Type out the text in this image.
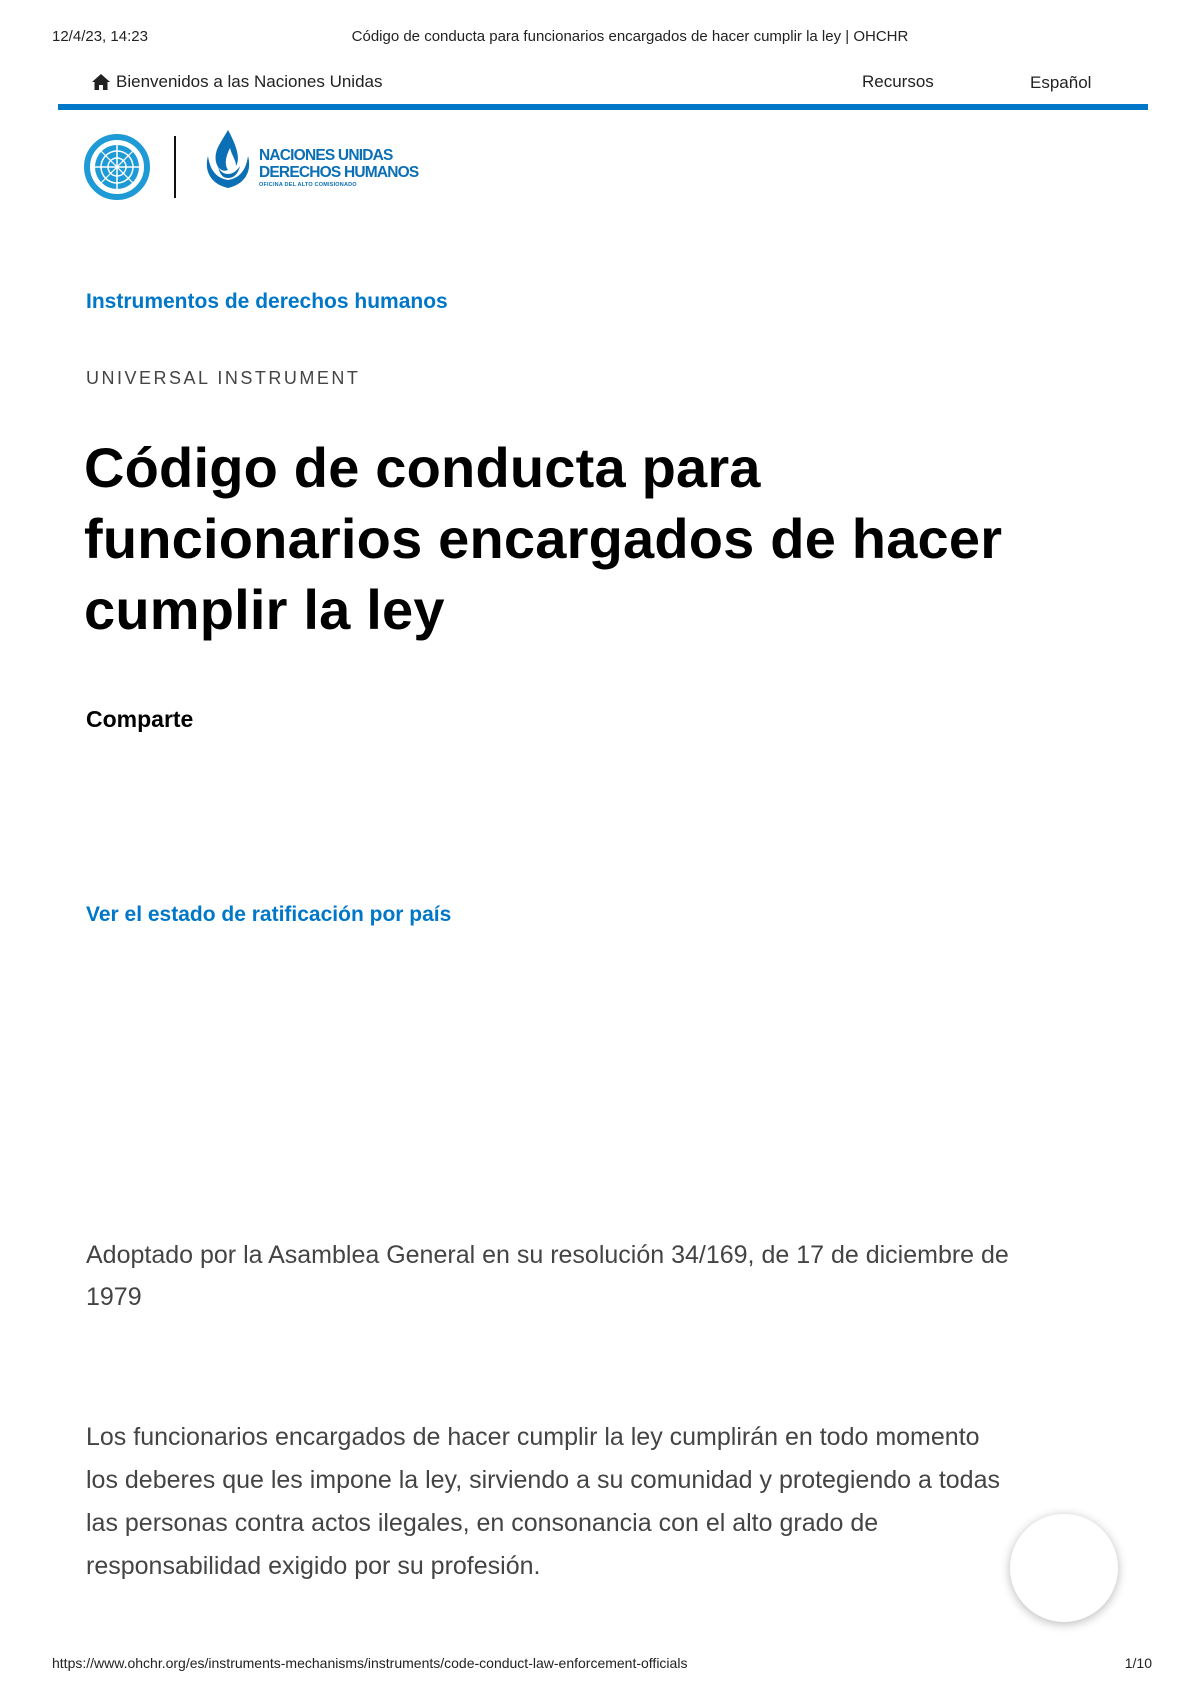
12/4/23, 14:23	Código de conducta para funcionarios encargados de hacer cumplir la ley | OHCHR
Bienvenidos a las Naciones Unidas	Recursos	Español
NACIONES UNIDAS
DERECHOS HUMANOS
OFICINA DEL ALTO COMISIONADO
Instrumentos de derechos humanos
UNIVERSAL INSTRUMENT
Código de conducta para funcionarios encargados de hacer cumplir la ley
Comparte
Ver el estado de ratificación por país

Adoptado por la Asamblea General en su resolución 34/169, de 17 de diciembre de 1979

Los funcionarios encargados de hacer cumplir la ley cumplirán en todo momento los deberes que les impone la ley, sirviendo a su comunidad y protegiendo a todas las personas contra actos ilegales, en consonancia con el alto grado de responsabilidad exigido por su profesión.

https://www.ohchr.org/es/instruments-mechanisms/instruments/code-conduct-law-enforcement-officials	1/10
